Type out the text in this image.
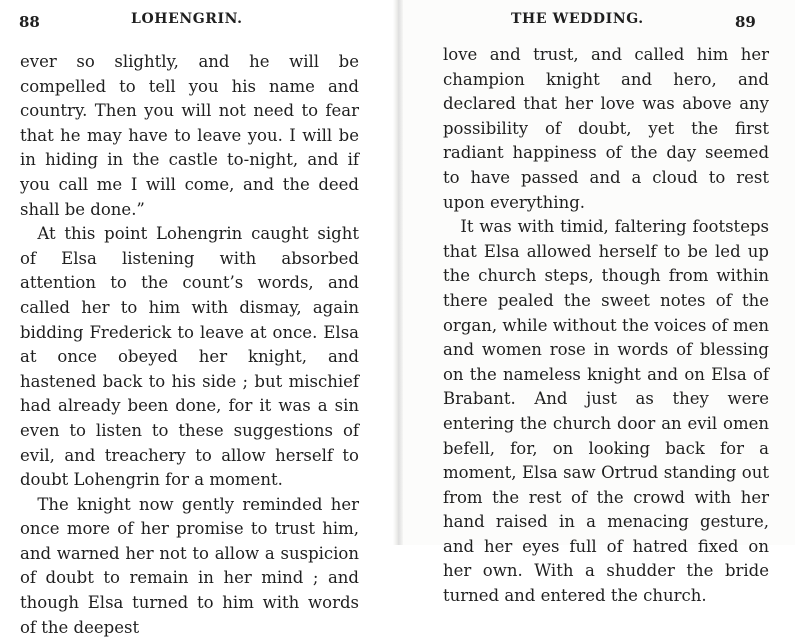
88	LOHENGRIN.

ever so slightly, and he will be compelled to tell you his name and country. Then you will not need to fear that he may have to leave you. I will be in hiding in the castle to-night, and if you call me I will come, and the deed shall be done.”

At this point Lohengrin caught sight of Elsa listening with absorbed attention to the count’s words, and called her to him with dismay, again bidding Frederick to leave at once. Elsa at once obeyed her knight, and hastened back to his side ; but mischief had already been done, for it was a sin even to listen to these suggestions of evil, and treachery to allow herself to doubt Lohengrin for a moment.

The knight now gently reminded her once more of her promise to trust him, and warned her not to allow a suspicion of doubt to remain in her mind ; and though Elsa turned to him with words of the deepest

THE WEDDING.	89

love and trust, and called him her champion knight and hero, and declared that her love was above any possibility of doubt, yet the first radiant happiness of the day seemed to have passed and a cloud to rest upon everything.

It was with timid, faltering footsteps that Elsa allowed herself to be led up the church steps, though from within there pealed the sweet notes of the organ, while without the voices of men and women rose in words of blessing on the nameless knight and on Elsa of Brabant. And just as they were entering the church door an evil omen befell, for, on looking back for a moment, Elsa saw Ortrud standing out from the rest of the crowd with her hand raised in a menacing gesture, and her eyes full of hatred fixed on her own. With a shudder the bride turned and entered the church.
